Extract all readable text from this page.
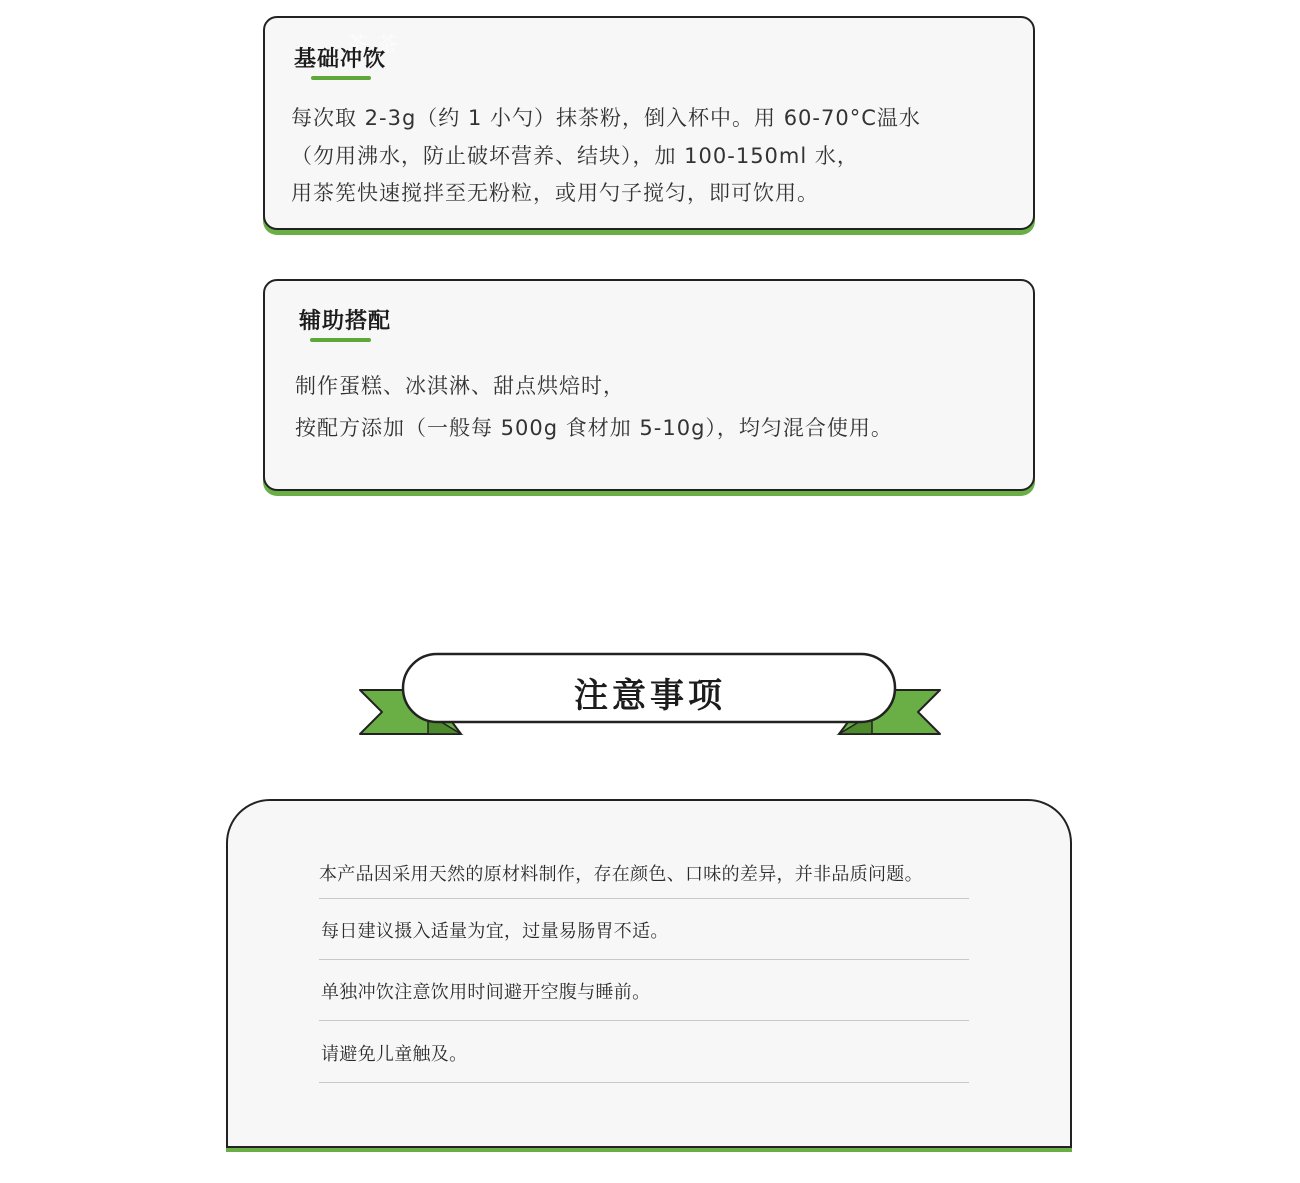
茶 茶
基础冲饮
每次取 2-3g（约 1 小勺）抹茶粉，倒入杯中。用 60-70°C温水
（勿用沸水，防止破坏营养、结块），加 100-150ml 水，
用茶筅快速搅拌至无粉粒，或用勺子搅匀，即可饮用。
辅助搭配
制作蛋糕、冰淇淋、甜点烘焙时，
按配方添加（一般每 500g 食材加 5-10g），均匀混合使用。
注意事项
本产品因采用天然的原材料制作，存在颜色、口味的差异，并非品质问题。
每日建议摄入适量为宜，过量易肠胃不适。
单独冲饮注意饮用时间避开空腹与睡前。
请避免儿童触及。
